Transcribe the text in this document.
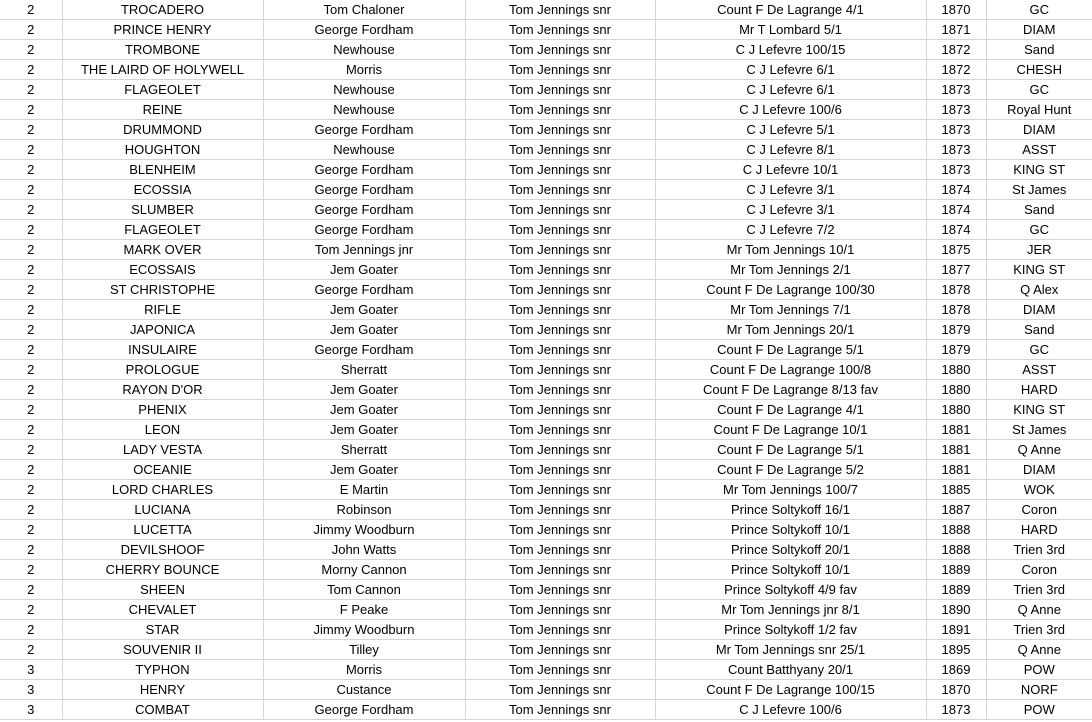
2	TROCADERO	Tom Chaloner	Tom Jennings snr	Count F De Lagrange 4/1	1870	GC
2	PRINCE HENRY	George Fordham	Tom Jennings snr	Mr T Lombard 5/1	1871	DIAM
2	TROMBONE	Newhouse	Tom Jennings snr	C J Lefevre 100/15	1872	Sand
2	THE LAIRD OF HOLYWELL	Morris	Tom Jennings snr	C J Lefevre 6/1	1872	CHESH
2	FLAGEOLET	Newhouse	Tom Jennings snr	C J Lefevre 6/1	1873	GC
2	REINE	Newhouse	Tom Jennings snr	C J Lefevre 100/6	1873	Royal Hunt
2	DRUMMOND	George Fordham	Tom Jennings snr	C J Lefevre 5/1	1873	DIAM
2	HOUGHTON	Newhouse	Tom Jennings snr	C J Lefevre 8/1	1873	ASST
2	BLENHEIM	George Fordham	Tom Jennings snr	C J Lefevre 10/1	1873	KING ST
2	ECOSSIA	George Fordham	Tom Jennings snr	C J Lefevre 3/1	1874	St James
2	SLUMBER	George Fordham	Tom Jennings snr	C J Lefevre 3/1	1874	Sand
2	FLAGEOLET	George Fordham	Tom Jennings snr	C J Lefevre 7/2	1874	GC
2	MARK OVER	Tom Jennings jnr	Tom Jennings snr	Mr Tom Jennings 10/1	1875	JER
2	ECOSSAIS	Jem Goater	Tom Jennings snr	Mr Tom Jennings 2/1	1877	KING ST
2	ST CHRISTOPHE	George Fordham	Tom Jennings snr	Count F De Lagrange 100/30	1878	Q Alex
2	RIFLE	Jem Goater	Tom Jennings snr	Mr Tom Jennings 7/1	1878	DIAM
2	JAPONICA	Jem Goater	Tom Jennings snr	Mr Tom Jennings 20/1	1879	Sand
2	INSULAIRE	George Fordham	Tom Jennings snr	Count F De Lagrange 5/1	1879	GC
2	PROLOGUE	Sherratt	Tom Jennings snr	Count F De Lagrange 100/8	1880	ASST
2	RAYON D'OR	Jem Goater	Tom Jennings snr	Count F De Lagrange 8/13 fav	1880	HARD
2	PHENIX	Jem Goater	Tom Jennings snr	Count F De Lagrange 4/1	1880	KING ST
2	LEON	Jem Goater	Tom Jennings snr	Count F De Lagrange 10/1	1881	St James
2	LADY VESTA	Sherratt	Tom Jennings snr	Count F De Lagrange 5/1	1881	Q Anne
2	OCEANIE	Jem Goater	Tom Jennings snr	Count F De Lagrange 5/2	1881	DIAM
2	LORD CHARLES	E Martin	Tom Jennings snr	Mr Tom Jennings 100/7	1885	WOK
2	LUCIANA	Robinson	Tom Jennings snr	Prince Soltykoff 16/1	1887	Coron
2	LUCETTA	Jimmy Woodburn	Tom Jennings snr	Prince Soltykoff 10/1	1888	HARD
2	DEVILSHOOF	John Watts	Tom Jennings snr	Prince Soltykoff 20/1	1888	Trien 3rd
2	CHERRY BOUNCE	Morny Cannon	Tom Jennings snr	Prince Soltykoff 10/1	1889	Coron
2	SHEEN	Tom Cannon	Tom Jennings snr	Prince Soltykoff 4/9 fav	1889	Trien 3rd
2	CHEVALET	F Peake	Tom Jennings snr	Mr Tom Jennings jnr 8/1	1890	Q Anne
2	STAR	Jimmy Woodburn	Tom Jennings snr	Prince Soltykoff 1/2 fav	1891	Trien 3rd
2	SOUVENIR II	Tilley	Tom Jennings snr	Mr Tom Jennings snr 25/1	1895	Q Anne
3	TYPHON	Morris	Tom Jennings snr	Count Batthyany 20/1	1869	POW
3	HENRY	Custance	Tom Jennings snr	Count F De Lagrange 100/15	1870	NORF
3	COMBAT	George Fordham	Tom Jennings snr	C J Lefevre 100/6	1873	POW
